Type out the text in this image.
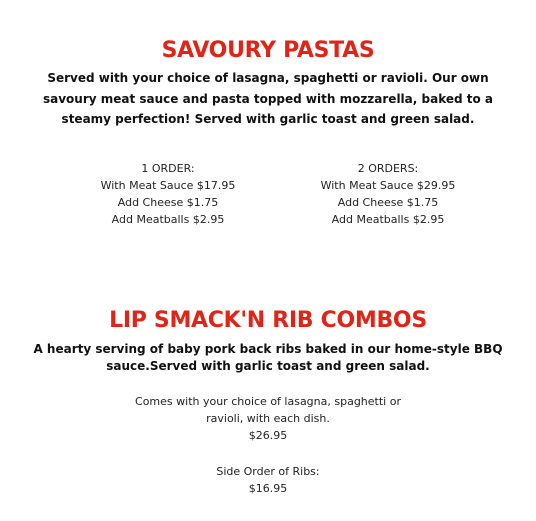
SAVOURY PASTAS

Served with your choice of lasagna, spaghetti or ravioli. Our own

savoury meat sauce and pasta topped with mozzarella, baked to a

steamy perfection! Served with garlic toast and green salad.

1 ORDER:

With Meat Sauce $17.95

Add Cheese $1.75

Add Meatballs $2.95

2 ORDERS:

With Meat Sauce $29.95

Add Cheese $1.75

Add Meatballs $2.95

LIP SMACK'N RIB COMBOS

A hearty serving of baby pork back ribs baked in our home-style BBQ

sauce.Served with garlic toast and green salad.

Comes with your choice of lasagna, spaghetti or

ravioli, with each dish.

$26.95

Side Order of Ribs:

$16.95
